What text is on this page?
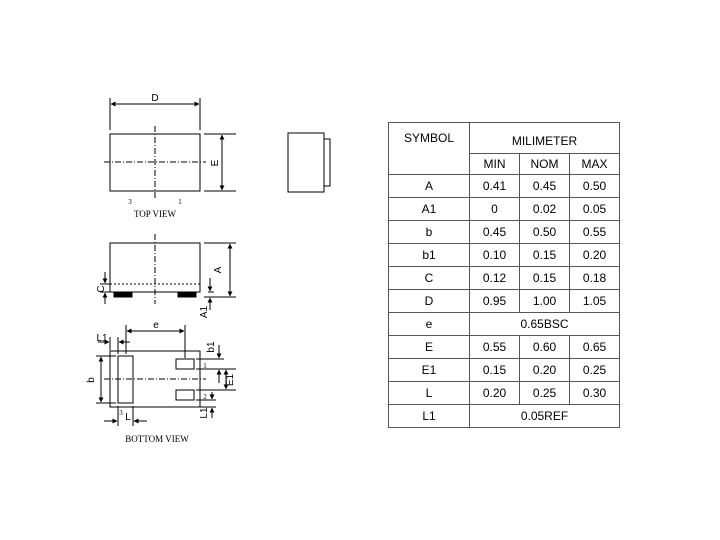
D
E
3	1
TOP VIEW
A
A1
C
e
L1
b
b1
E1
L1
L
1
2
3
BOTTOM VIEW
SYMBOL	MILIMETER		
	MIN	NOM	MAX
A	0.41	0.45	0.50
A1	0	0.02	0.05
b	0.45	0.50	0.55
b1	0.10	0.15	0.20
C	0.12	0.15	0.18
D	0.95	1.00	1.05
e	0.65BSC		
E	0.55	0.60	0.65
E1	0.15	0.20	0.25
L	0.20	0.25	0.30
L1	0.05REF		
